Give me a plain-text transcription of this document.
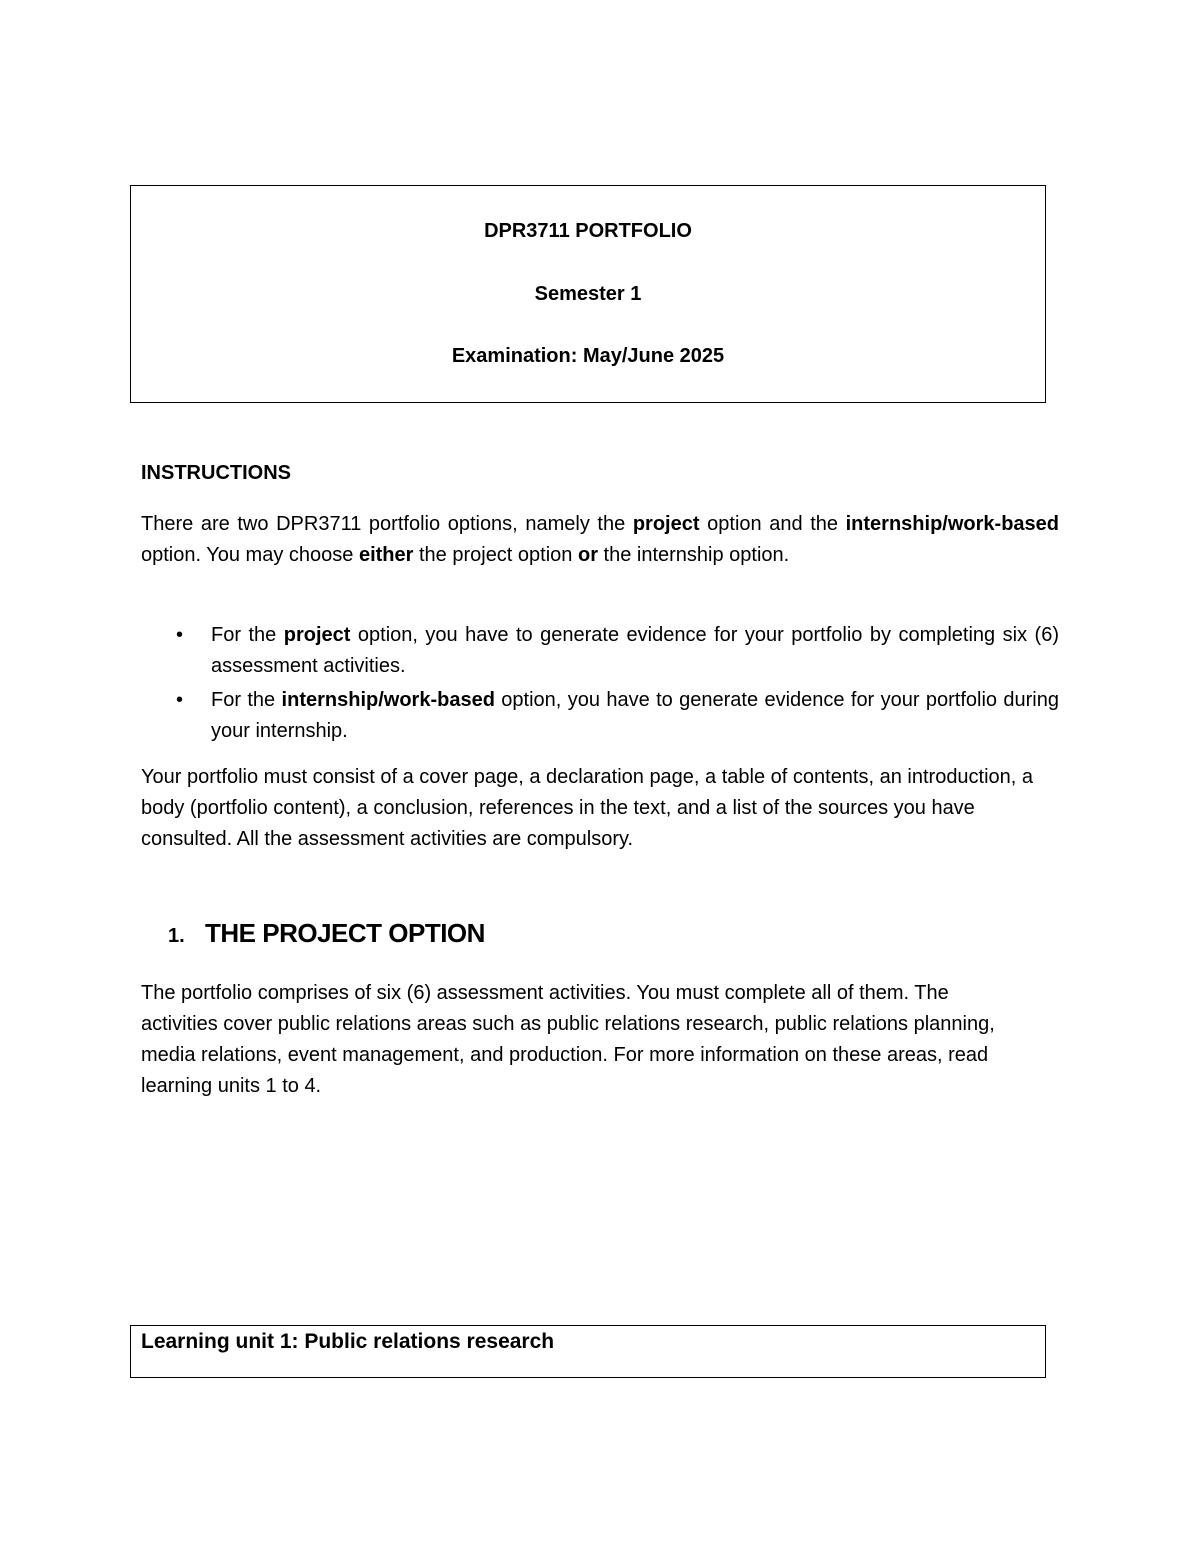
DPR3711 PORTFOLIO

Semester 1

Examination: May/June 2025

INSTRUCTIONS

There are two DPR3711 portfolio options, namely the project option and the internship/work-based option. You may choose either the project option or the internship option.

•	For the project option, you have to generate evidence for your portfolio by completing six (6) assessment activities.
•	For the internship/work-based option, you have to generate evidence for your portfolio during your internship.

Your portfolio must consist of a cover page, a declaration page, a table of contents, an introduction, a body (portfolio content), a conclusion, references in the text, and a list of the sources you have consulted. All the assessment activities are compulsory.

1. THE PROJECT OPTION

The portfolio comprises of six (6) assessment activities. You must complete all of them. The activities cover public relations areas such as public relations research, public relations planning, media relations, event management, and production. For more information on these areas, read learning units 1 to 4.

Learning unit 1: Public relations research
